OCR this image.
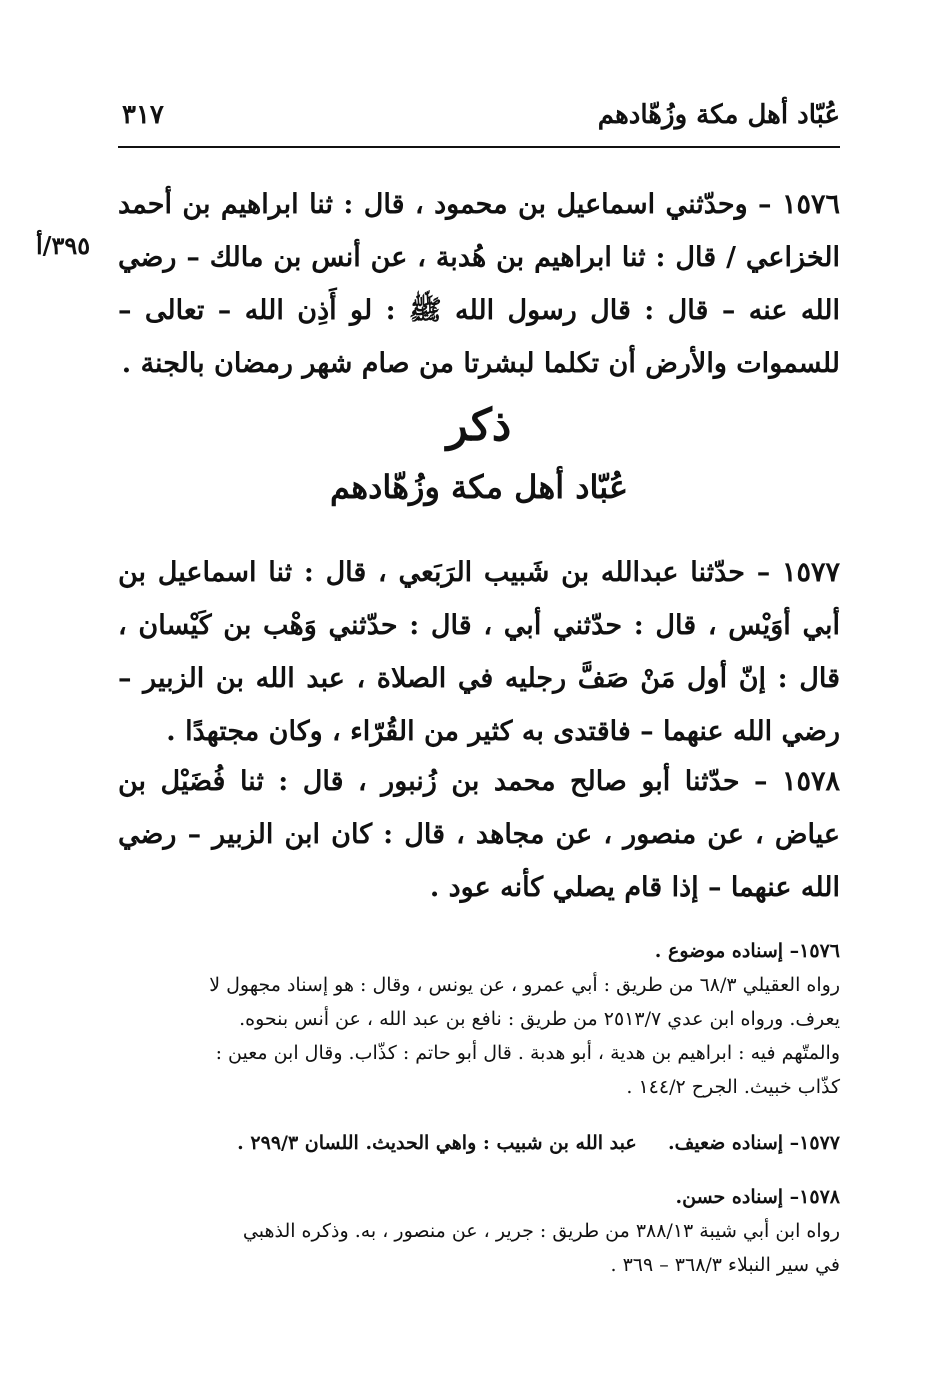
عُبّاد أهل مكة وزُهّادهم
٣١٧
٣٩٥/أ
١٥٧٦ – وحدّثني اسماعيل بن محمود ، قال : ثنا ابراهيم بن أحمد الخزاعي / قال : ثنا ابراهيم بن هُدبة ، عن أنس بن مالك – رضي الله عنه – قال : قال رسول الله ﷺ : لو أَذِن الله – تعالى – للسموات والأرض أن تكلما لبشرتا من صام شهر رمضان بالجنة .
ذكر
عُبّاد أهل مكة وزُهّادهم
١٥٧٧ – حدّثنا عبدالله بن شَبيب الرَبَعي ، قال : ثنا اسماعيل بن أبي أوَيْس ، قال : حدّثني أبي ، قال : حدّثني وَهْب بن كَيْسان ، قال : إنّ أول مَنْ صَفَّ رجليه في الصلاة ، عبد الله بن الزبير – رضي الله عنهما – فاقتدى به كثير من القُرّاء ، وكان مجتهدًا .
١٥٧٨ – حدّثنا أبو صالح محمد بن زُنبور ، قال : ثنا فُضَيْل بن عياض ، عن منصور ، عن مجاهد ، قال : كان ابن الزبير – رضي الله عنهما – إذا قام يصلي كأنه عود .
١٥٧٦– إسناده موضوع .
رواه العقيلي ٦٨/٣ من طريق : أبي عمرو ، عن يونس ، وقال : هو إسناد مجهول لا
يعرف. ورواه ابن عدي ٢٥١٣/٧ من طريق : نافع بن عبد الله ، عن أنس بنحوه.
والمتّهم فيه : ابراهيم بن هدية ، أبو هدبة . قال أبو حاتم : كذّاب. وقال ابن معين :
كذّاب خبيث. الجرح ١٤٤/٢ .
١٥٧٧– إسناده ضعيف.  عبد الله بن شبيب : واهي الحديث. اللسان ٢٩٩/٣ .
١٥٧٨– إسناده حسن.
رواه ابن أبي شيبة ٣٨٨/١٣ من طريق : جرير ، عن منصور ، به. وذكره الذهبي
في سير النبلاء ٣٦٨/٣ – ٣٦٩ .
